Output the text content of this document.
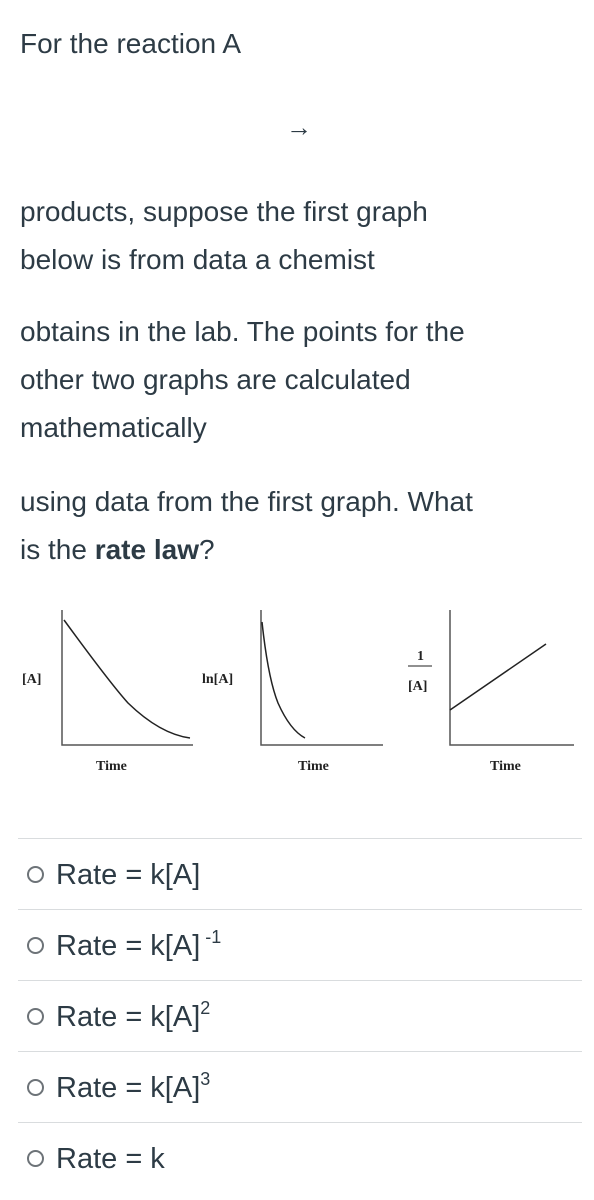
For the reaction A
→
products, suppose the first graph
below is from data a chemist
obtains in the lab. The points for the
other two graphs are calculated
mathematically
using data from the first graph. What
is the rate law?
[A]
Time
ln[A]
Time
1
[A]
Time
Rate = k[A]
Rate = k[A] $^{-1}$
Rate = $k[A]^2$
Rate = $k[A]^3$
Rate = k
